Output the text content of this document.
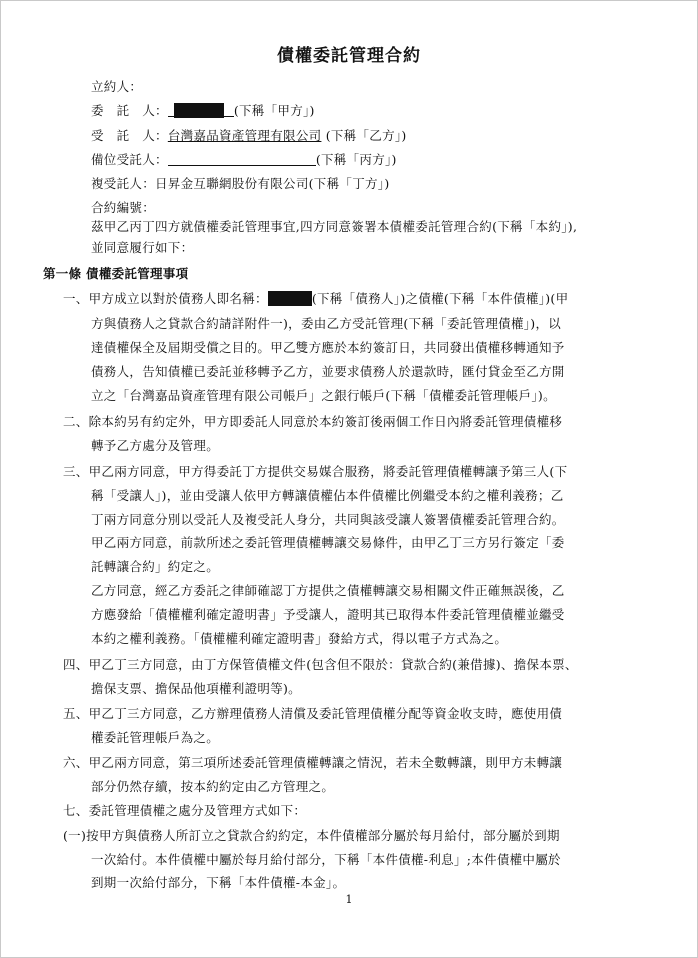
債權委託管理合約
立約人：
委　託　人：	(下稱「甲方」)
受　託　人：台灣嘉品資產管理有限公司 (下稱「乙方」)
備位受託人：	(下稱「丙方」)
複受託人：日昇金互聯網股份有限公司(下稱「丁方」)
合約編號：
茲甲乙丙丁四方就債權委託管理事宜,四方同意簽署本債權委託管理合約(下稱「本約」),
並同意履行如下：
第一條 債權委託管理事項
一、甲方成立以對於債務人即名稱：	(下稱「債務人」)之債權(下稱「本件債權」)(甲
方與債務人之貸款合約請詳附件一)，委由乙方受託管理(下稱「委託管理債權」)，以
達債權保全及屆期受償之目的。甲乙雙方應於本約簽訂日，共同發出債權移轉通知予
債務人，告知債權已委託並移轉予乙方，並要求債務人於還款時，匯付貸金至乙方開
立之「台灣嘉品資產管理有限公司帳戶」之銀行帳戶(下稱「債權委託管理帳戶」)。
二、除本約另有約定外，甲方即委託人同意於本約簽訂後兩個工作日內將委託管理債權移
轉予乙方處分及管理。
三、甲乙兩方同意，甲方得委託丁方提供交易媒合服務，將委託管理債權轉讓予第三人(下
稱「受讓人」)，並由受讓人依甲方轉讓債權佔本件債權比例繼受本約之權利義務；乙
丁兩方同意分別以受託人及複受託人身分，共同與該受讓人簽署債權委託管理合約。
甲乙兩方同意，前款所述之委託管理債權轉讓交易條件，由甲乙丁三方另行簽定「委
託轉讓合約」約定之。
乙方同意，經乙方委託之律師確認丁方提供之債權轉讓交易相關文件正確無誤後，乙
方應發給「債權權利確定證明書」予受讓人，證明其已取得本件委託管理債權並繼受
本約之權利義務。「債權權利確定證明書」發給方式，得以電子方式為之。
四、甲乙丁三方同意，由丁方保管債權文件(包含但不限於：貸款合約(兼借據)、擔保本票、
擔保支票、擔保品他項權利證明等)。
五、甲乙丁三方同意，乙方辦理債務人清償及委託管理債權分配等資金收支時，應使用債
權委託管理帳戶為之。
六、甲乙兩方同意，第三項所述委託管理債權轉讓之情況，若未全數轉讓，則甲方未轉讓
部分仍然存續，按本約約定由乙方管理之。
七、委託管理債權之處分及管理方式如下：
(一)按甲方與債務人所訂立之貸款合約約定，本件債權部分屬於每月給付，部分屬於到期
一次給付。本件債權中屬於每月給付部分，下稱「本件債權-利息」;本件債權中屬於
到期一次給付部分，下稱「本件債權-本金」。
1
